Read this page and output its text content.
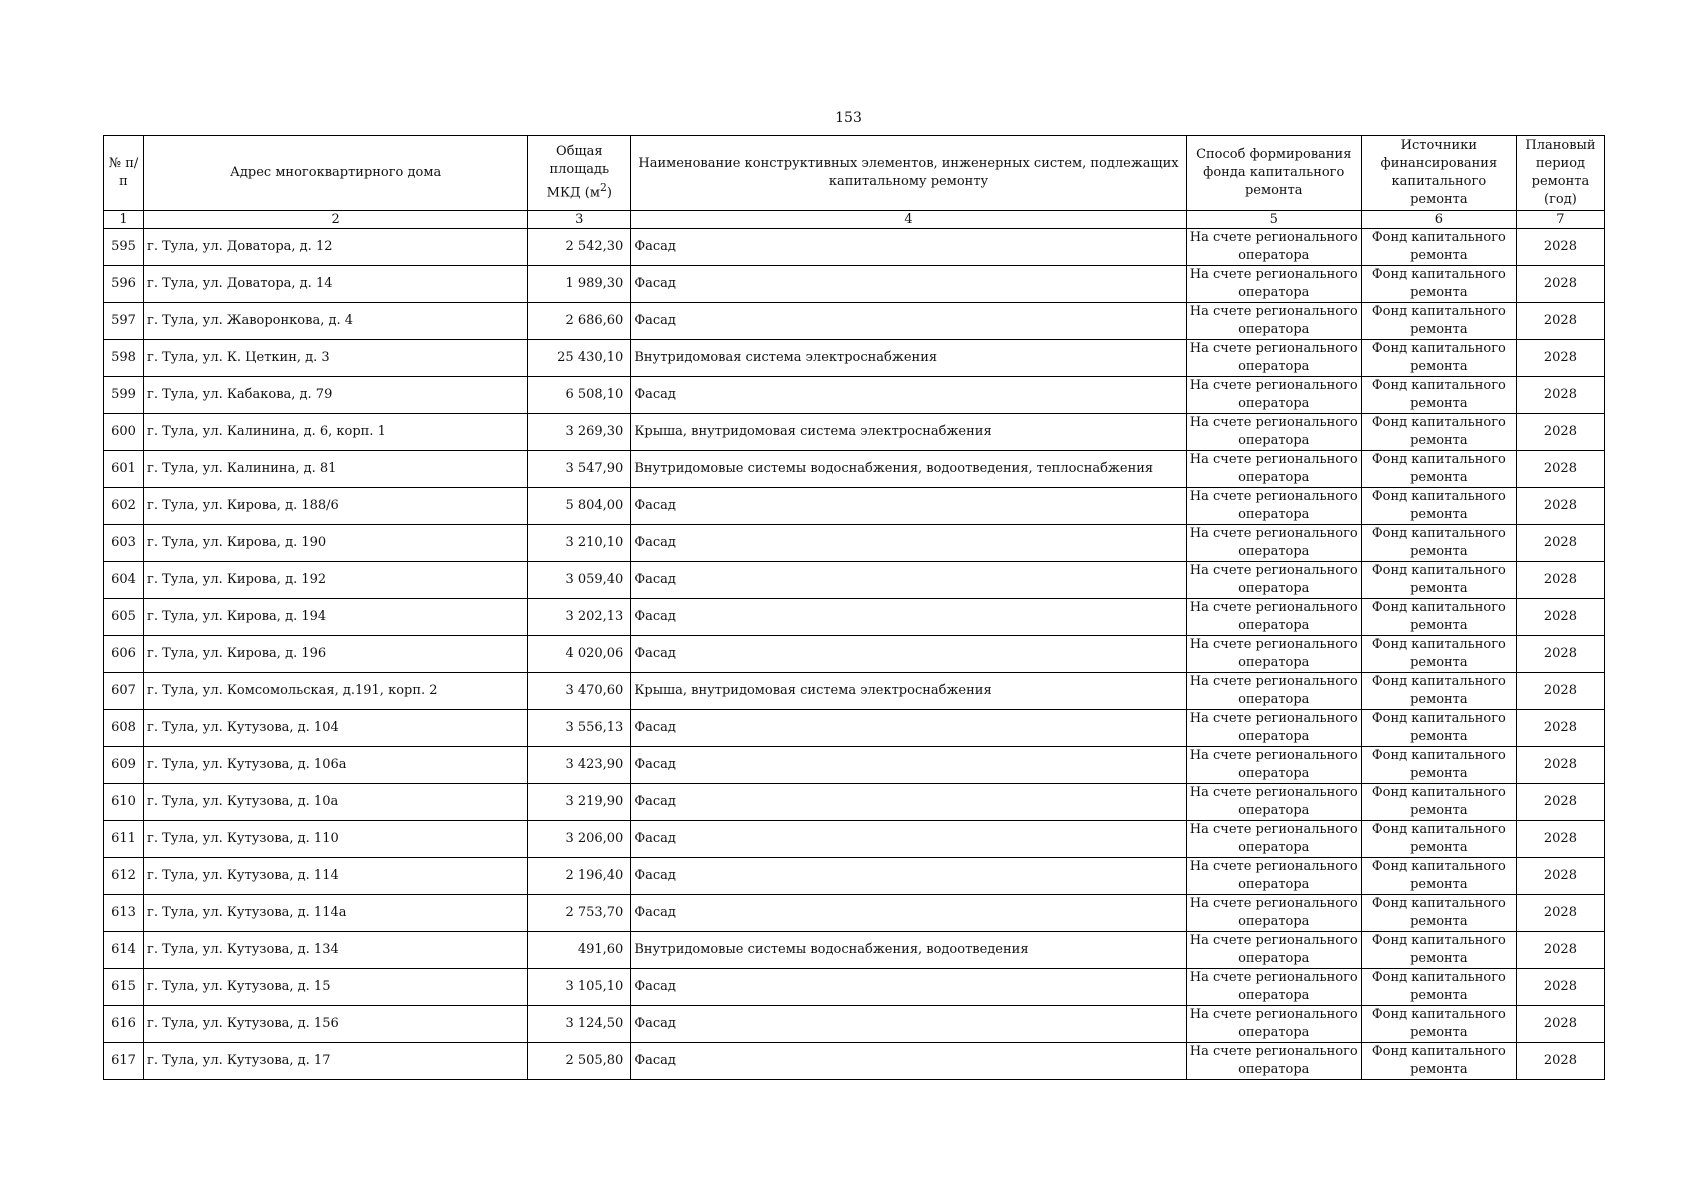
153
№ п/п	Адрес многоквартирного дома	Общая площадь МКД $(м^2)$	Наименование конструктивных элементов, инженерных систем, подлежащих капитальному ремонту	Способ формирования фонда капитального ремонта	Источники финансирования капитального ремонта	Плановый период ремонта (год)
1	2	3	4	5	6	7
595	г. Тула, ул. Доватора, д. 12	2 542,30	Фасад	На счете регионального оператора	Фонд капитального ремонта	2028
596	г. Тула, ул. Доватора, д. 14	1 989,30	Фасад	На счете регионального оператора	Фонд капитального ремонта	2028
597	г. Тула, ул. Жаворонкова, д. 4	2 686,60	Фасад	На счете регионального оператора	Фонд капитального ремонта	2028
598	г. Тула, ул. К. Цеткин, д. 3	25 430,10	Внутридомовая система электроснабжения	На счете регионального оператора	Фонд капитального ремонта	2028
599	г. Тула, ул. Кабакова, д. 79	6 508,10	Фасад	На счете регионального оператора	Фонд капитального ремонта	2028
600	г. Тула, ул. Калинина, д. 6, корп. 1	3 269,30	Крыша, внутридомовая система электроснабжения	На счете регионального оператора	Фонд капитального ремонта	2028
601	г. Тула, ул. Калинина, д. 81	3 547,90	Внутридомовые системы водоснабжения, водоотведения, теплоснабжения	На счете регионального оператора	Фонд капитального ремонта	2028
602	г. Тула, ул. Кирова, д. 188/6	5 804,00	Фасад	На счете регионального оператора	Фонд капитального ремонта	2028
603	г. Тула, ул. Кирова, д. 190	3 210,10	Фасад	На счете регионального оператора	Фонд капитального ремонта	2028
604	г. Тула, ул. Кирова, д. 192	3 059,40	Фасад	На счете регионального оператора	Фонд капитального ремонта	2028
605	г. Тула, ул. Кирова, д. 194	3 202,13	Фасад	На счете регионального оператора	Фонд капитального ремонта	2028
606	г. Тула, ул. Кирова, д. 196	4 020,06	Фасад	На счете регионального оператора	Фонд капитального ремонта	2028
607	г. Тула, ул. Комсомольская, д.191, корп. 2	3 470,60	Крыша, внутридомовая система электроснабжения	На счете регионального оператора	Фонд капитального ремонта	2028
608	г. Тула, ул. Кутузова, д. 104	3 556,13	Фасад	На счете регионального оператора	Фонд капитального ремонта	2028
609	г. Тула, ул. Кутузова, д. 106а	3 423,90	Фасад	На счете регионального оператора	Фонд капитального ремонта	2028
610	г. Тула, ул. Кутузова, д. 10а	3 219,90	Фасад	На счете регионального оператора	Фонд капитального ремонта	2028
611	г. Тула, ул. Кутузова, д. 110	3 206,00	Фасад	На счете регионального оператора	Фонд капитального ремонта	2028
612	г. Тула, ул. Кутузова, д. 114	2 196,40	Фасад	На счете регионального оператора	Фонд капитального ремонта	2028
613	г. Тула, ул. Кутузова, д. 114а	2 753,70	Фасад	На счете регионального оператора	Фонд капитального ремонта	2028
614	г. Тула, ул. Кутузова, д. 134	491,60	Внутридомовые системы водоснабжения, водоотведения	На счете регионального оператора	Фонд капитального ремонта	2028
615	г. Тула, ул. Кутузова, д. 15	3 105,10	Фасад	На счете регионального оператора	Фонд капитального ремонта	2028
616	г. Тула, ул. Кутузова, д. 156	3 124,50	Фасад	На счете регионального оператора	Фонд капитального ремонта	2028
617	г. Тула, ул. Кутузова, д. 17	2 505,80	Фасад	На счете регионального оператора	Фонд капитального ремонта	2028
